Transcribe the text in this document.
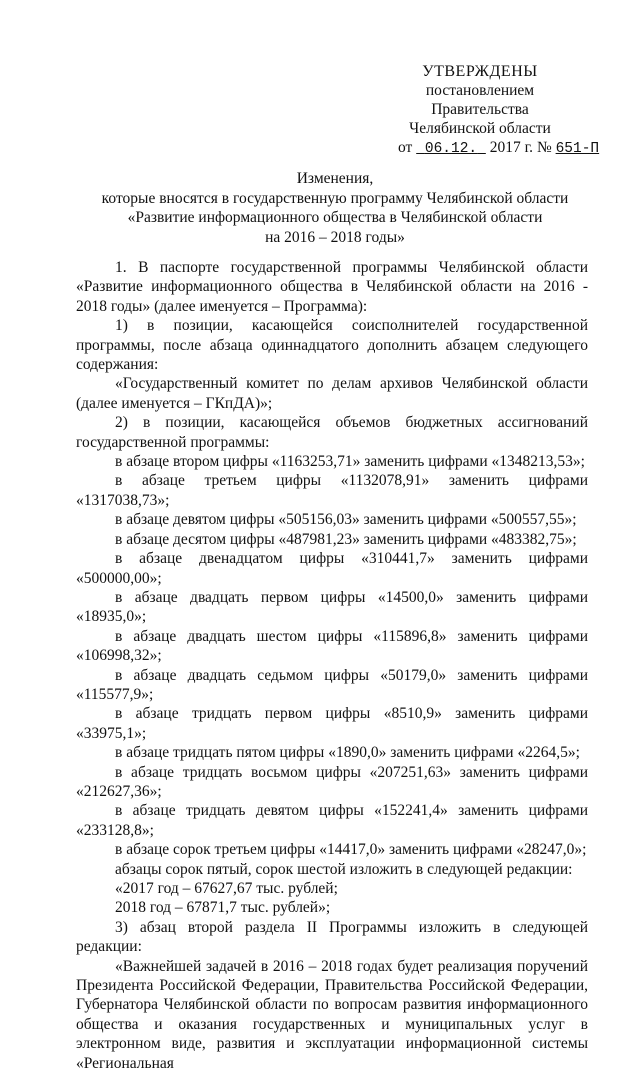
УТВЕРЖДЕНЫ
постановлением Правительства
Челябинской области
от 06.12. 2017 г. № 651-П
Изменения,
которые вносятся в государственную программу Челябинской области
«Развитие информационного общества в Челябинской области
на 2016 – 2018 годы»

1. В паспорте государственной программы Челябинской области «Развитие информационного общества в Челябинской области на 2016 - 2018 годы» (далее именуется – Программа):

1) в позиции, касающейся соисполнителей государственной программы, после абзаца одиннадцатого дополнить абзацем следующего содержания:

«Государственный комитет по делам архивов Челябинской области (далее именуется – ГКпДА)»;

2) в позиции, касающейся объемов бюджетных ассигнований государственной программы:

в абзаце втором цифры «1163253,71» заменить цифрами «1348213,53»;

в абзаце третьем цифры «1132078,91» заменить цифрами «1317038,73»;

в абзаце девятом цифры «505156,03» заменить цифрами «500557,55»;

в абзаце десятом цифры «487981,23» заменить цифрами «483382,75»;

в абзаце двенадцатом цифры «310441,7» заменить цифрами «500000,00»;

в абзаце двадцать первом цифры «14500,0» заменить цифрами «18935,0»;

в абзаце двадцать шестом цифры «115896,8» заменить цифрами «106998,32»;

в абзаце двадцать седьмом цифры «50179,0» заменить цифрами «115577,9»;

в абзаце тридцать первом цифры «8510,9» заменить цифрами «33975,1»;

в абзаце тридцать пятом цифры «1890,0» заменить цифрами «2264,5»;

в абзаце тридцать восьмом цифры «207251,63» заменить цифрами «212627,36»;

в абзаце тридцать девятом цифры «152241,4» заменить цифрами «233128,8»;

в абзаце сорок третьем цифры «14417,0» заменить цифрами «28247,0»;

абзацы сорок пятый, сорок шестой изложить в следующей редакции:

«2017 год – 67627,67 тыс. рублей;

2018 год – 67871,7 тыс. рублей»;

3) абзац второй раздела II Программы изложить в следующей редакции:

«Важнейшей задачей в 2016 – 2018 годах будет реализация поручений Президента Российской Федерации, Правительства Российской Федерации, Губернатора Челябинской области по вопросам развития информационного общества и оказания государственных и муниципальных услуг в электронном виде, развития и эксплуатации информационной системы «Региональная
